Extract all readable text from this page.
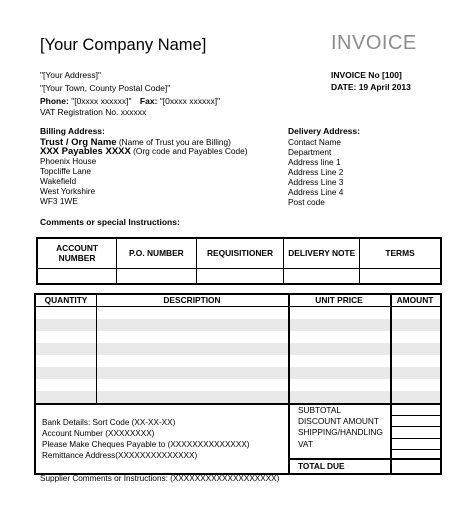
[Your Company Name]	INVOICE
"[Your Address]"
"[Your Town, County Postal Code]"
Phone: "[0xxxx xxxxxx]" Fax: "[0xxxx xxxxxx]"
VAT Registration No. xxxxxx
INVOICE No [100]
DATE: 19 April 2013
Billing Address:
Trust / Org Name (Name of Trust you are Billing)
XXX Payables XXXX (Org code and Payables Code)
Phoenix House
Topcliffe Lane
Wakefield
West Yorkshire
WF3 1WE
Delivery Address:
Contact Name
Department
Address line 1
Address Line 2
Address Line 3
Address Line 4
Post code
Comments or special Instructions:
ACCOUNT NUMBER	P.O. NUMBER	REQUISITIONER	DELIVERY NOTE	TERMS

QUANTITY	DESCRIPTION	UNIT PRICE	AMOUNT
Bank Details: Sort Code (XX-XX-XX)
Account Number (XXXXXXXX)
Please Make Cheques Payable to (XXXXXXXXXXXXXX)
Remittance Address(XXXXXXXXXXXXXX)
SUBTOTAL
DISCOUNT AMOUNT
SHIPPING/HANDLING
VAT
TOTAL DUE
Supplier Comments or Instructions: (XXXXXXXXXXXXXXXXXXX)
